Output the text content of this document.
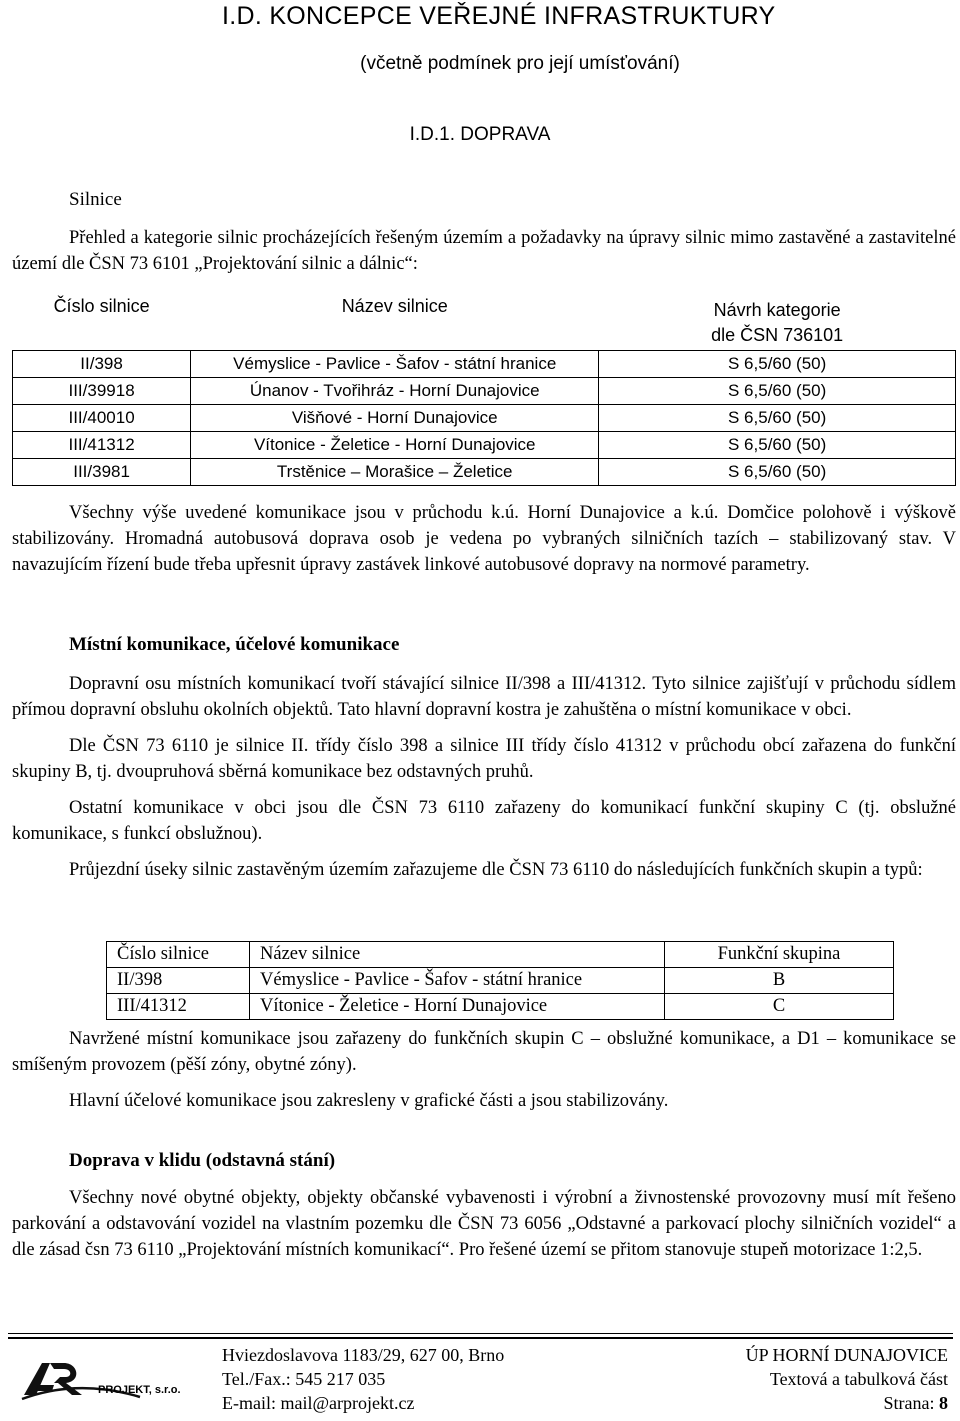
I.D. KONCEPCE VEŘEJNÉ INFRASTRUKTURY
(včetně podmínek pro její umísťování)
I.D.1. DOPRAVA
Silnice

Přehled a kategorie silnic procházejících řešeným územím a požadavky na úpravy silnic mimo zastavěné a zastavitelné území dle ČSN 73 6101 „Projektování silnic a dálnic“:

Číslo silnice	Název silnice	Návrh kategorie
dle ČSN 736101

II/398	Vémyslice - Pavlice - Šafov - státní hranice	S 6,5/60 (50)
III/39918	Únanov - Tvořihráz - Horní Dunajovice	S 6,5/60 (50)
III/40010	Višňové - Horní Dunajovice	S 6,5/60 (50)
III/41312	Vítonice - Želetice - Horní Dunajovice	S 6,5/60 (50)
III/3981	Trstěnice – Morašice – Želetice	S 6,5/60 (50)

Všechny výše uvedené komunikace jsou v průchodu k.ú. Horní Dunajovice a k.ú. Domčice polohově i výškově stabilizovány. Hromadná autobusová doprava osob je vedena po vybraných silničních tazích – stabilizovaný stav. V navazujícím řízení bude třeba upřesnit úpravy zastávek linkové autobusové dopravy na normové parametry.

Místní komunikace, účelové komunikace

Dopravní osu místních komunikací tvoří stávající silnice II/398 a III/41312. Tyto silnice zajišťují v průchodu sídlem přímou dopravní obsluhu okolních objektů. Tato hlavní dopravní kostra je zahuštěna o místní komunikace v obci.

Dle ČSN 73 6110 je silnice II. třídy číslo 398 a silnice III třídy číslo 41312 v průchodu obcí zařazena do funkční skupiny B, tj. dvoupruhová sběrná komunikace bez odstavných pruhů.

Ostatní komunikace v obci jsou dle ČSN 73 6110 zařazeny do komunikací funkční skupiny C (tj. obslužné komunikace, s funkcí obslužnou).

Průjezdní úseky silnic zastavěným územím zařazujeme dle ČSN 73 6110 do následujících funkčních skupin a typů:

Číslo silnice	Název silnice	Funkční skupina
II/398	Vémyslice - Pavlice - Šafov - státní hranice	B
III/41312	Vítonice - Želetice - Horní Dunajovice	C

Navržené místní komunikace jsou zařazeny do funkčních skupin C – obslužné komunikace, a D1 – komunikace se smíšeným provozem (pěší zóny, obytné zóny).

Hlavní účelové komunikace jsou zakresleny v grafické části a jsou stabilizovány.

Doprava v klidu (odstavná stání)

Všechny nové obytné objekty, objekty občanské vybavenosti i výrobní a živnostenské provozovny musí mít řešeno parkování a odstavování vozidel na vlastním pozemku dle ČSN 73 6056 „Odstavné a parkovací plochy silničních vozidel“ a dle zásad čsn 73 6110 „Projektování místních komunikací“. Pro řešené území se přitom stanovuje stupeň motorizace 1:2,5.

PROJEKT, s.r.o.
Hviezdoslavova 1183/29, 627 00, Brno
Tel./Fax.: 545 217 035
E-mail: mail@arprojekt.cz
ÚP HORNÍ DUNAJOVICE
Textová a tabulková část
Strana: 8
